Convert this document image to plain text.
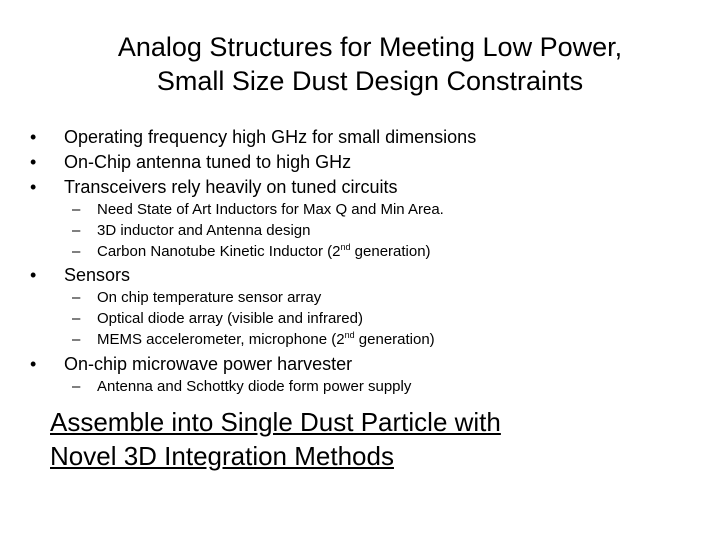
Analog Structures for Meeting Low Power,
Small Size Dust Design Constraints
• Operating frequency high GHz for small dimensions
• On-Chip antenna tuned to high GHz
• Transceivers rely heavily on tuned circuits
– Need State of Art Inductors for Max Q and Min Area.
– 3D inductor and Antenna design
– Carbon Nanotube Kinetic Inductor (2nd generation)
• Sensors
– On chip temperature sensor array
– Optical diode array (visible and infrared)
– MEMS accelerometer, microphone (2nd generation)
• On-chip microwave power harvester
– Antenna and Schottky diode form power supply
Assemble into Single Dust Particle with
Novel 3D Integration Methods
